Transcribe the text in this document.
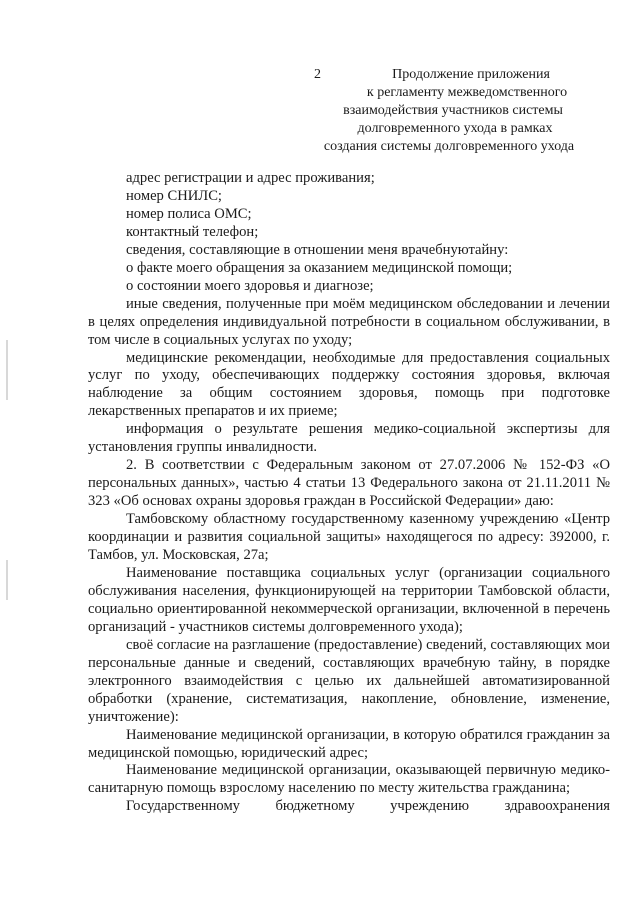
2	Продолжение приложения
к регламенту межведомственного
взаимодействия участников системы
долговременного ухода в рамках
создания системы долговременного ухода

адрес регистрации и адрес проживания;

номер СНИЛС;

номер полиса ОМС;

контактный телефон;

сведения, составляющие в отношении меня врачебнуютайну:

о факте моего обращения за оказанием медицинской помощи;

о состоянии моего здоровья и диагнозе;

иные сведения, полученные при моём медицинском обследовании и лечении в целях определения индивидуальной потребности в социальном обслуживании, в том числе в социальных услугах по уходу;

медицинские рекомендации, необходимые для предоставления социальных услуг по уходу, обеспечивающих поддержку состояния здоровья, включая наблюдение за общим состоянием здоровья, помощь при подготовке лекарственных препаратов и их приеме;

информация о результате решения медико-социальной экспертизы для установления группы инвалидности.

2. В соответствии с Федеральным законом от 27.07.2006 № 152-ФЗ «О персональных данных», частью 4 статьи 13 Федерального закона от 21.11.2011 № 323 «Об основах охраны здоровья граждан в Российской Федерации» даю:

Тамбовскому областному государственному казенному учреждению «Центр координации и развития социальной защиты» находящегося по адресу: 392000, г. Тамбов, ул. Московская, 27а;

Наименование поставщика социальных услуг (организации социального обслуживания населения, функционирующей на территории Тамбовской области, социально ориентированной некоммерческой организации, включенной в перечень организаций - участников системы долговременного ухода);

своё согласие на разглашение (предоставление) сведений, составляющих мои персональные данные и сведений, составляющих врачебную тайну, в порядке электронного взаимодействия с целью их дальнейшей автоматизированной обработки (хранение, систематизация, накопление, обновление, изменение, уничтожение):

Наименование медицинской организации, в которую обратился гражданин за медицинской помощью, юридический адрес;

Наименование медицинской организации, оказывающей первичную медико-санитарную помощь взрослому населению по месту жительства гражданина;

Государственному бюджетному учреждению здравоохранения
